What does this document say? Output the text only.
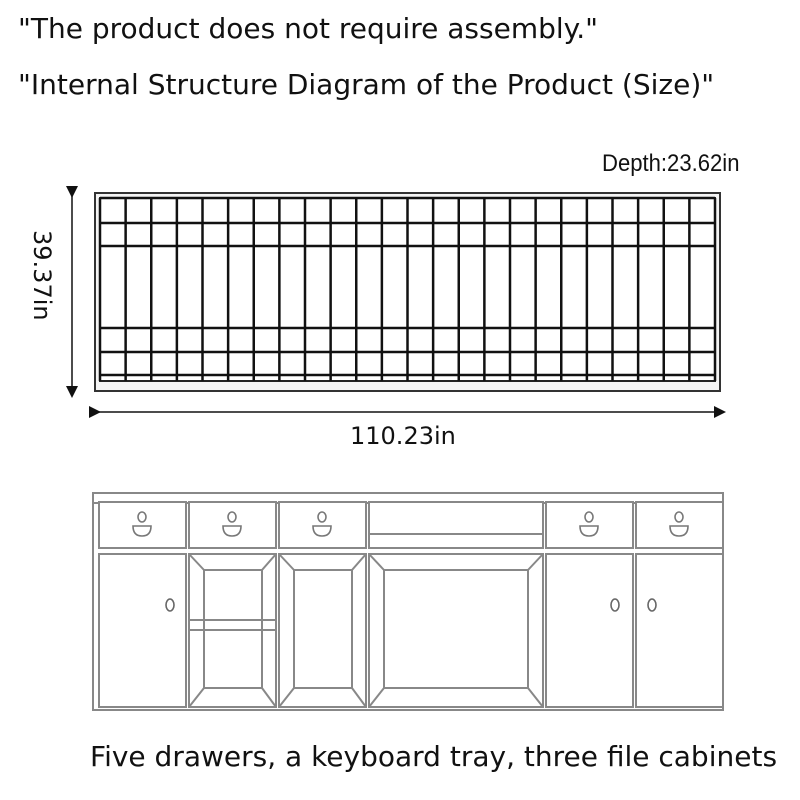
"The product does not require assembly."
"Internal Structure Diagram of the Product (Size)"
Depth:23.62in
110.23in
39.37in
Five drawers, a keyboard tray, three file cabinets
